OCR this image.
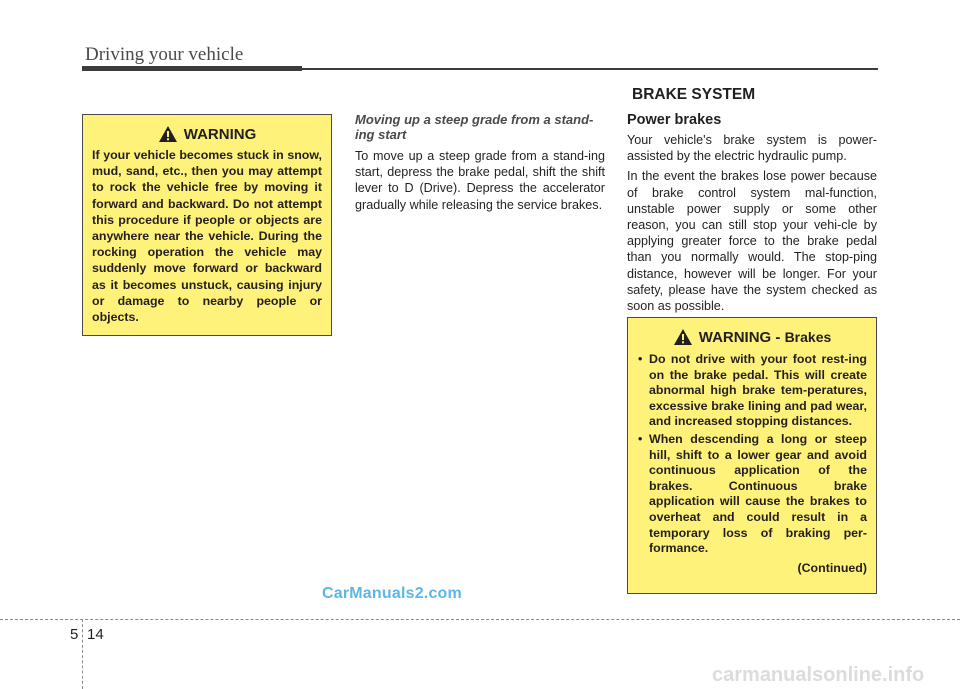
Driving your vehicle
WARNING
If your vehicle becomes stuck in snow, mud, sand, etc., then you may attempt to rock the vehicle free by moving it forward and backward. Do not attempt this procedure if people or objects are anywhere near the vehicle. During the rocking operation the vehicle may suddenly move forward or backward as it becomes unstuck, causing injury or damage to nearby people or objects.
Moving up a steep grade from a stand-ing start
To move up a steep grade from a stand-ing start, depress the brake pedal, shift the shift lever to D (Drive). Depress the accelerator gradually while releasing the service brakes.
BRAKE SYSTEM
Power brakes
Your vehicle's brake system is power-assisted by the electric hydraulic pump.
In the event the brakes lose power because of brake control system mal-function, unstable power supply or some other reason, you can still stop your vehi-cle by applying greater force to the brake pedal than you normally would. The stop-ping distance, however will be longer. For your safety, please have the system checked as soon as possible.
WARNING - Brakes
• Do not drive with your foot rest-ing on the brake pedal. This will create abnormal high brake tem-peratures, excessive brake lining and pad wear, and increased stopping distances.
• When descending a long or steep hill, shift to a lower gear and avoid continuous application of the brakes. Continuous brake application will cause the brakes to overheat and could result in a temporary loss of braking per-formance.
(Continued)
CarManuals2.com
5 14
carmanualsonline.info
